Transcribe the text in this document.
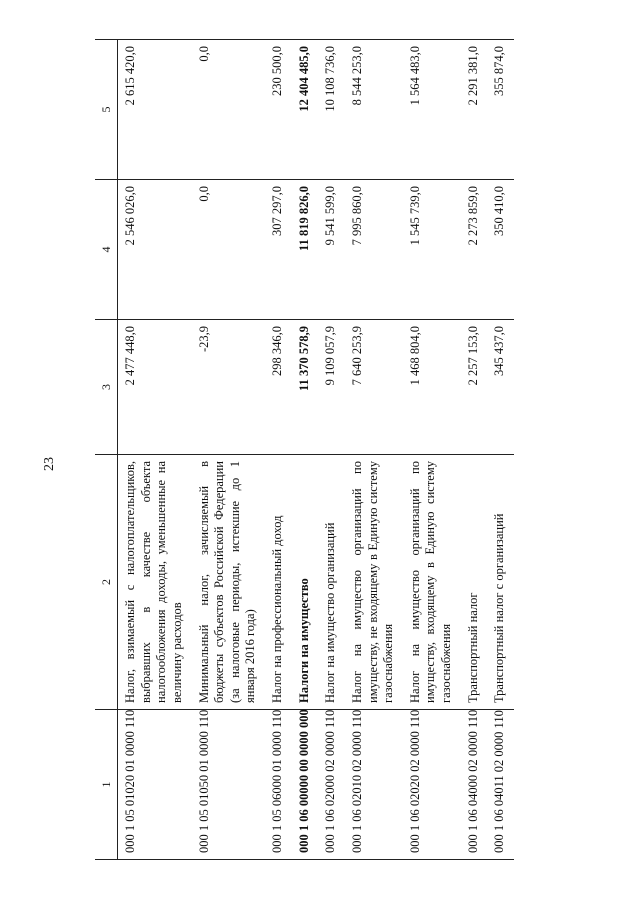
23
1	2	3	4	5
000 1 05 01020 01 0000 110	Налог, взимаемый с налогоплательщиков, выбравших в качестве объекта налогообложения доходы, уменьшенные на величину расходов	2 477 448,0	2 546 026,0	2 615 420,0
000 1 05 01050 01 0000 110	Минимальный налог, зачисляемый в бюджеты субъектов Российской Федерации (за налоговые периоды, истекшие до 1 января 2016 года)	-23,9	0,0	0,0
000 1 05 06000 01 0000 110	Налог на профессиональный доход	298 346,0	307 297,0	230 500,0
000 1 06 00000 00 0000 000	Налоги на имущество	11 370 578,9	11 819 826,0	12 404 485,0
000 1 06 02000 02 0000 110	Налог на имущество организаций	9 109 057,9	9 541 599,0	10 108 736,0
000 1 06 02010 02 0000 110	Налог на имущество организаций по имуществу, не входящему в Единую систему газоснабжения	7 640 253,9	7 995 860,0	8 544 253,0
000 1 06 02020 02 0000 110	Налог на имущество организаций по имуществу, входящему в Единую систему газоснабжения	1 468 804,0	1 545 739,0	1 564 483,0
000 1 06 04000 02 0000 110	Транспортный налог	2 257 153,0	2 273 859,0	2 291 381,0
000 1 06 04011 02 0000 110	Транспортный налог с организаций	345 437,0	350 410,0	355 874,0
